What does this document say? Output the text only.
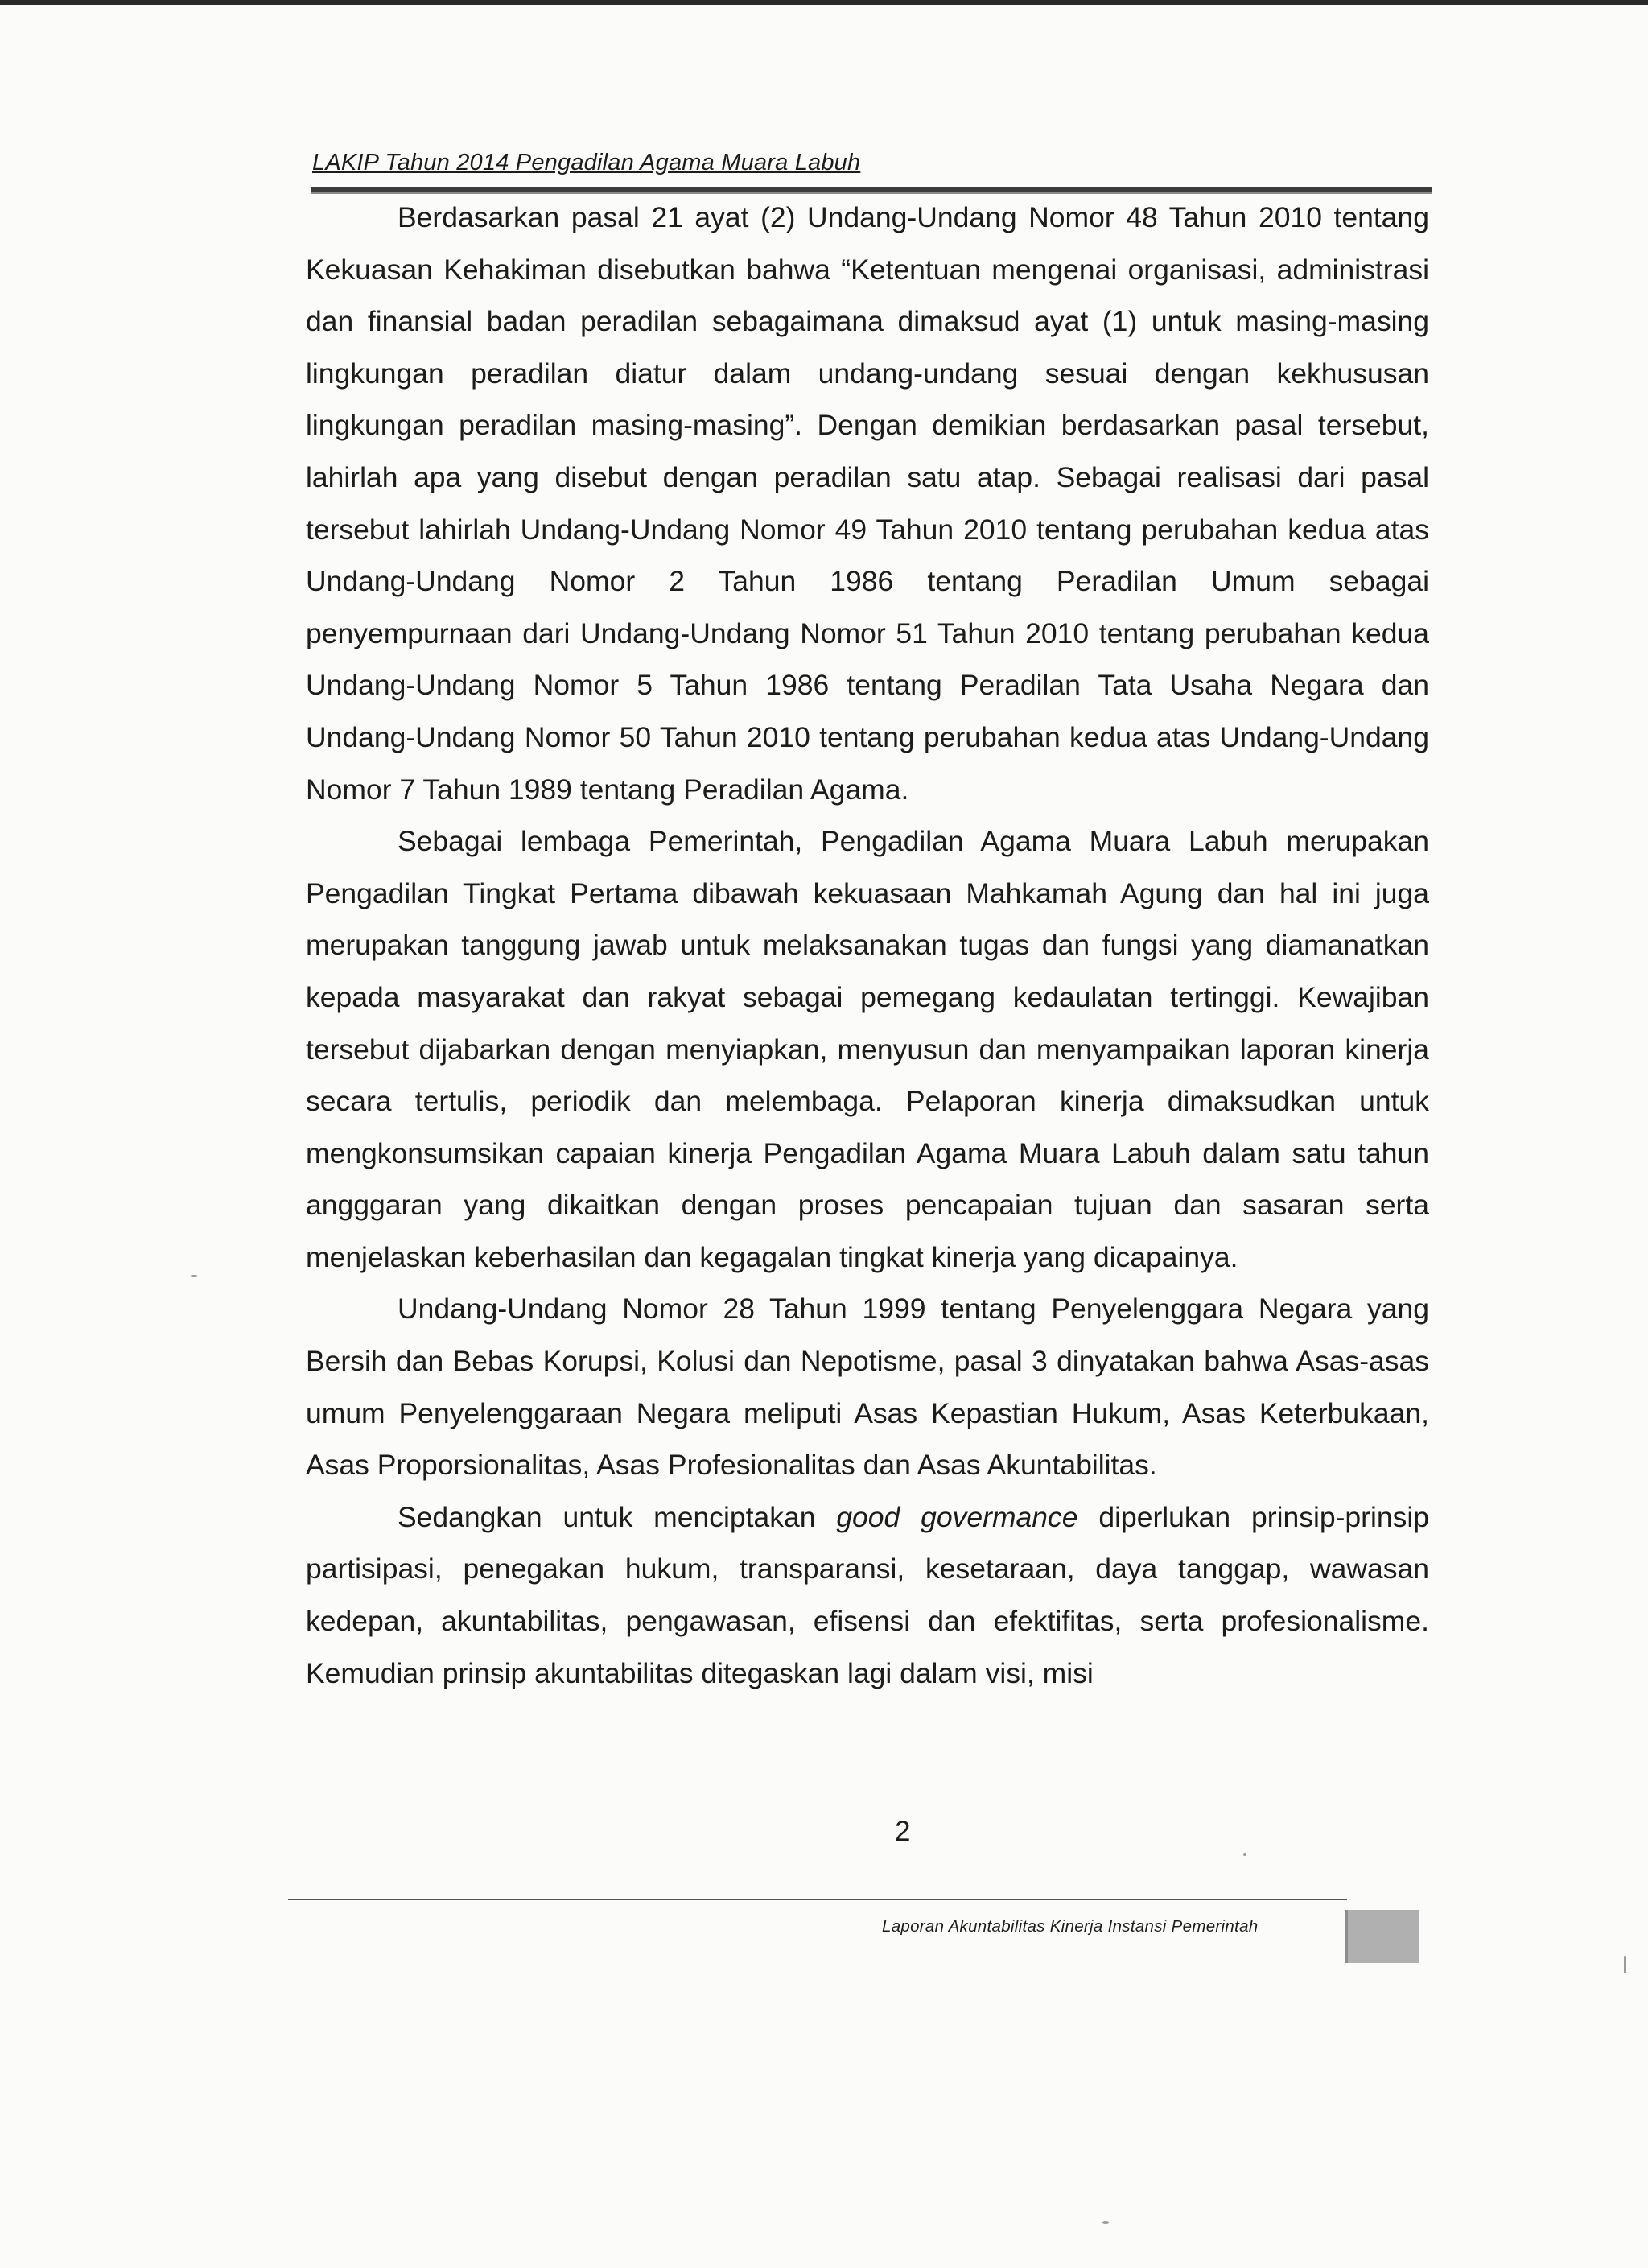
LAKIP Tahun 2014 Pengadilan Agama Muara Labuh

Berdasarkan pasal 21 ayat (2) Undang-Undang Nomor 48 Tahun 2010 tentang Kekuasan Kehakiman disebutkan bahwa “Ketentuan mengenai organisasi, administrasi dan finansial badan peradilan sebagaimana dimaksud ayat (1) untuk masing-masing lingkungan peradilan diatur dalam undang-undang sesuai dengan kekhususan lingkungan peradilan masing-masing”. Dengan demikian berdasarkan pasal tersebut, lahirlah apa yang disebut dengan peradilan satu atap. Sebagai realisasi dari pasal tersebut lahirlah Undang-Undang Nomor 49 Tahun 2010 tentang perubahan kedua atas Undang-Undang Nomor 2 Tahun 1986 tentang Peradilan Umum sebagai penyempurnaan dari Undang-Undang Nomor 51 Tahun 2010 tentang perubahan kedua Undang-Undang Nomor 5 Tahun 1986 tentang Peradilan Tata Usaha Negara dan Undang-Undang Nomor 50 Tahun 2010 tentang perubahan kedua atas Undang-Undang Nomor 7 Tahun 1989 tentang Peradilan Agama.

Sebagai lembaga Pemerintah, Pengadilan Agama Muara Labuh merupakan Pengadilan Tingkat Pertama dibawah kekuasaan Mahkamah Agung dan hal ini juga merupakan tanggung jawab untuk melaksanakan tugas dan fungsi yang diamanatkan kepada masyarakat dan rakyat sebagai pemegang kedaulatan tertinggi. Kewajiban tersebut dijabarkan dengan menyiapkan, menyusun dan menyampaikan laporan kinerja secara tertulis, periodik dan melembaga. Pelaporan kinerja dimaksudkan untuk mengkonsumsikan capaian kinerja Pengadilan Agama Muara Labuh dalam satu tahun angggaran yang dikaitkan dengan proses pencapaian tujuan dan sasaran serta menjelaskan keberhasilan dan kegagalan tingkat kinerja yang dicapainya.

Undang-Undang Nomor 28 Tahun 1999 tentang Penyelenggara Negara yang Bersih dan Bebas Korupsi, Kolusi dan Nepotisme, pasal 3 dinyatakan bahwa Asas-asas umum Penyelenggaraan Negara meliputi Asas Kepastian Hukum, Asas Keterbukaan, Asas Proporsionalitas, Asas Profesionalitas dan Asas Akuntabilitas.

Sedangkan untuk menciptakan good govermance diperlukan prinsip-prinsip partisipasi, penegakan hukum, transparansi, kesetaraan, daya tanggap, wawasan kedepan, akuntabilitas, pengawasan, efisensi dan efektifitas, serta profesionalisme. Kemudian prinsip akuntabilitas ditegaskan lagi dalam visi, misi

2
Laporan Akuntabilitas Kinerja Instansi Pemerintah
